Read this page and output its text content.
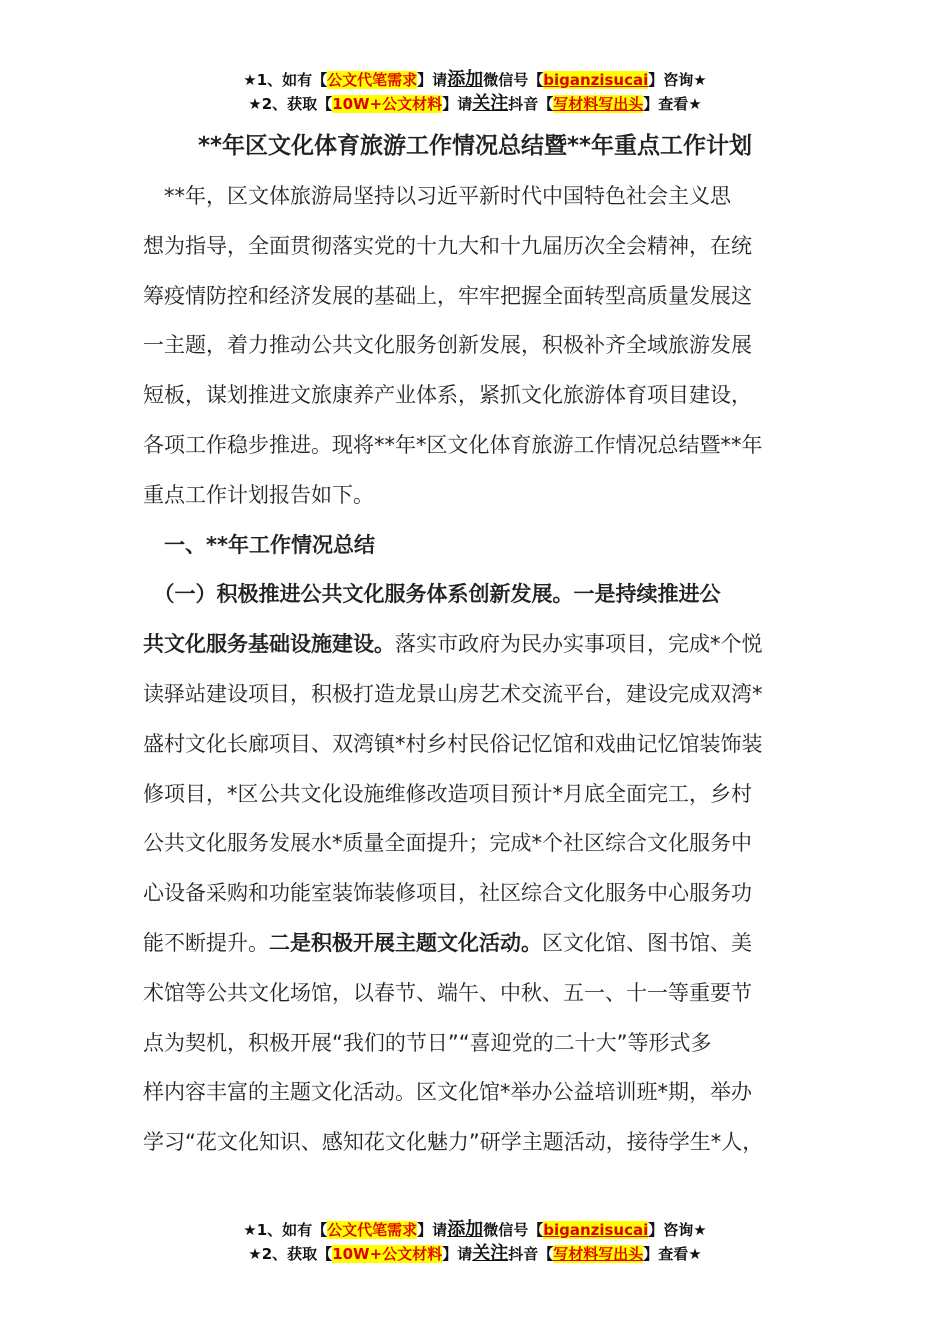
★1、如有【公文代笔需求】请添加微信号【biganzisucai】咨询★
★2、获取【10W+公文材料】请关注抖音【写材料写出头】查看★
**年区文化体育旅游工作情况总结暨**年重点工作计划
　**年，区文体旅游局坚持以习近平新时代中国特色社会主义思
想为指导，全面贯彻落实党的十九大和十九届历次全会精神，在统
筹疫情防控和经济发展的基础上，牢牢把握全面转型高质量发展这
一主题，着力推动公共文化服务创新发展，积极补齐全域旅游发展
短板，谋划推进文旅康养产业体系，紧抓文化旅游体育项目建设，
各项工作稳步推进。现将**年*区文化体育旅游工作情况总结暨**年
重点工作计划报告如下。
　一、**年工作情况总结
　（一）积极推进公共文化服务体系创新发展。一是持续推进公
共文化服务基础设施建设。落实市政府为民办实事项目，完成*个悦
读驿站建设项目，积极打造龙景山房艺术交流平台，建设完成双湾*
盛村文化长廊项目、双湾镇*村乡村民俗记忆馆和戏曲记忆馆装饰装
修项目，*区公共文化设施维修改造项目预计*月底全面完工，乡村
公共文化服务发展水*质量全面提升；完成*个社区综合文化服务中
心设备采购和功能室装饰装修项目，社区综合文化服务中心服务功
能不断提升。二是积极开展主题文化活动。区文化馆、图书馆、美
术馆等公共文化场馆，以春节、端午、中秋、五一、十一等重要节
点为契机，积极开展“我们的节日”“喜迎党的二十大”等形式多
样内容丰富的主题文化活动。区文化馆*举办公益培训班*期，举办
学习“花文化知识、感知花文化魅力”研学主题活动，接待学生*人，
★1、如有【公文代笔需求】请添加微信号【biganzisucai】咨询★
★2、获取【10W+公文材料】请关注抖音【写材料写出头】查看★
